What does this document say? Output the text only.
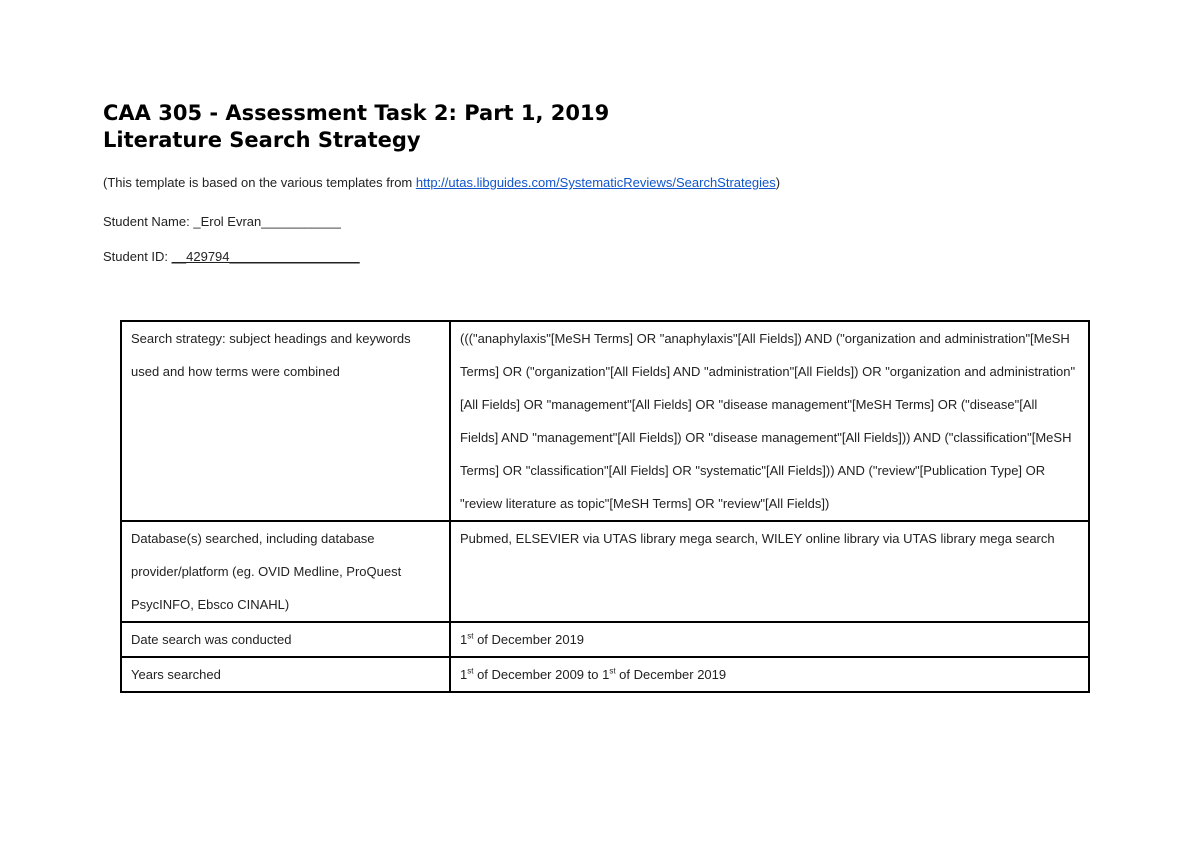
CAA 305 - Assessment Task 2: Part 1, 2019
Literature Search Strategy
(This template is based on the various templates from http://utas.libguides.com/SystematicReviews/SearchStrategies)
Student Name: _Erol Evran___________
Student ID: __429794__________________
Search strategy: subject headings and keywords used and how terms were combined	((("anaphylaxis"[MeSH Terms] OR "anaphylaxis"[All Fields]) AND ("organization and administration"[MeSH Terms] OR ("organization"[All Fields] AND "administration"[All Fields]) OR "organization and administration"[All Fields] OR "management"[All Fields] OR "disease management"[MeSH Terms] OR ("disease"[All Fields] AND "management"[All Fields]) OR "disease management"[All Fields])) AND ("classification"[MeSH Terms] OR "classification"[All Fields] OR "systematic"[All Fields])) AND ("review"[Publication Type] OR "review literature as topic"[MeSH Terms] OR "review"[All Fields])
Database(s) searched, including database provider/platform (eg. OVID Medline, ProQuest PsycINFO, Ebsco CINAHL)	Pubmed, ELSEVIER via UTAS library mega search, WILEY online library via UTAS library mega search
Date search was conducted	1st of December 2019
Years searched	1st of December 2009 to 1st of December 2019
